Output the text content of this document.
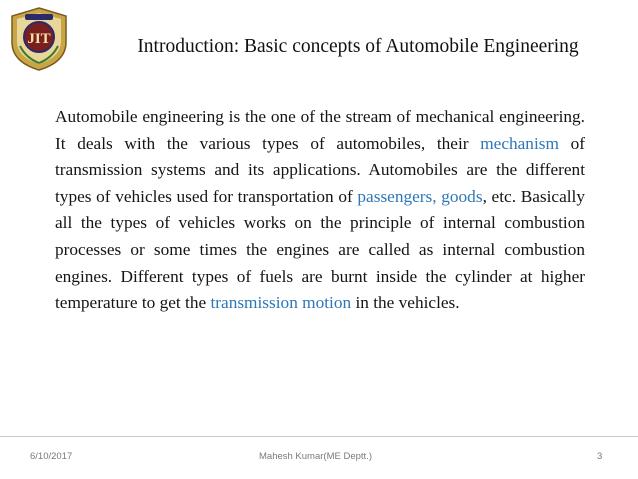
JIT	Introduction: Basic concepts of Automobile Engineering
Automobile engineering is the one of the stream of mechanical engineering. It deals with the various types of automobiles, their mechanism of transmission systems and its applications. Automobiles are the different types of vehicles used for transportation of passengers, goods, etc. Basically all the types of vehicles works on the principle of internal combustion processes or some times the engines are called as internal combustion engines. Different types of fuels are burnt inside the cylinder at higher temperature to get the transmission motion in the vehicles.
6/10/2017	Mahesh Kumar(ME Deptt.)	3
